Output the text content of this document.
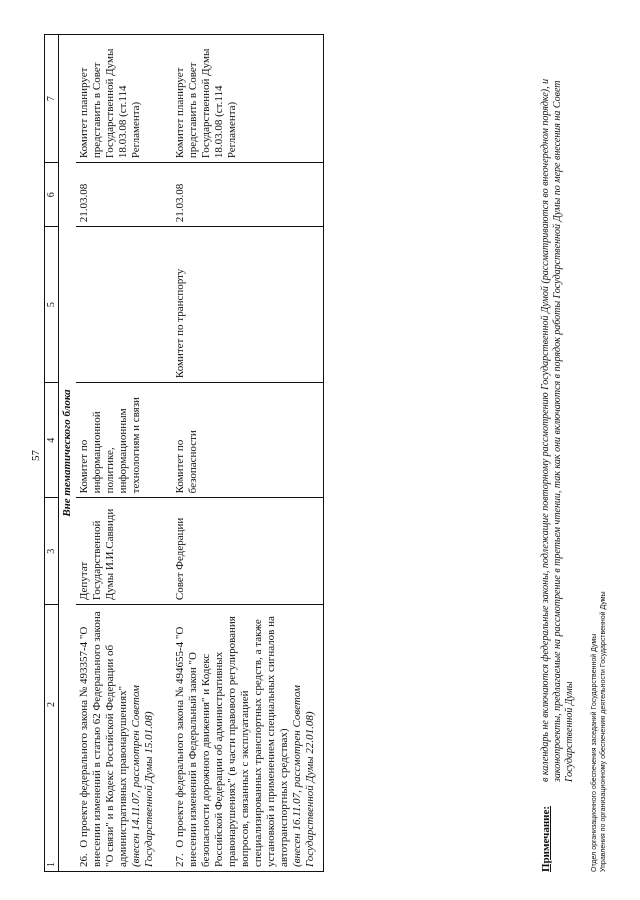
57
1  2	3	4	5	6	7
Вне тематического блока					
26.  О проекте федерального закона № 493357-4 "О внесении изменений в статью 62 Федерального закона "О связи" и в Кодекс Российской Федерации об административных правонарушениях"
(внесен 14.11.07, рассмотрен Советом Государственной Думы 15.01.08)	Депутат Государственной Думы И.И.Саввиди	Комитет по информационной политике, информационным технологиям и связи		21.03.08	Комитет планирует представить в Совет Государственной Думы 18.03.08 (ст.114 Регламента)

27.  О проекте федерального закона № 494655-4 "О внесении изменений в Федеральный закон "О безопасности дорожного движения" и Кодекс Российской Федерации об административных правонарушениях" (в части правового регулирования вопросов, связанных с эксплуатацией специализированных транспортных средств, а также установкой и применением специальных сигналов на автотранспортных средствах)
(внесен 16.11.07, рассмотрен Советом Государственной Думы 22.01.08)	Совет Федерации	Комитет по безопасности	Комитет по транспорту	21.03.08	Комитет планирует представить в Совет Государственной Думы 18.03.08 (ст.114 Регламента)

Примечание:
в календарь не включаются федеральные законы, подлежащие повторному рассмотрению Государственной Думой (рассматриваются во внеочередном порядке), и законопроекты, предлагаемые на рассмотрение в третьем чтении, так как они включаются в порядок работы Государственной Думы по мере внесения на Совет Государственной Думы Отдел организационного обеспечения заседаний Государственной Думы Управления по организационному обеспечению деятельности Государственной Думы
